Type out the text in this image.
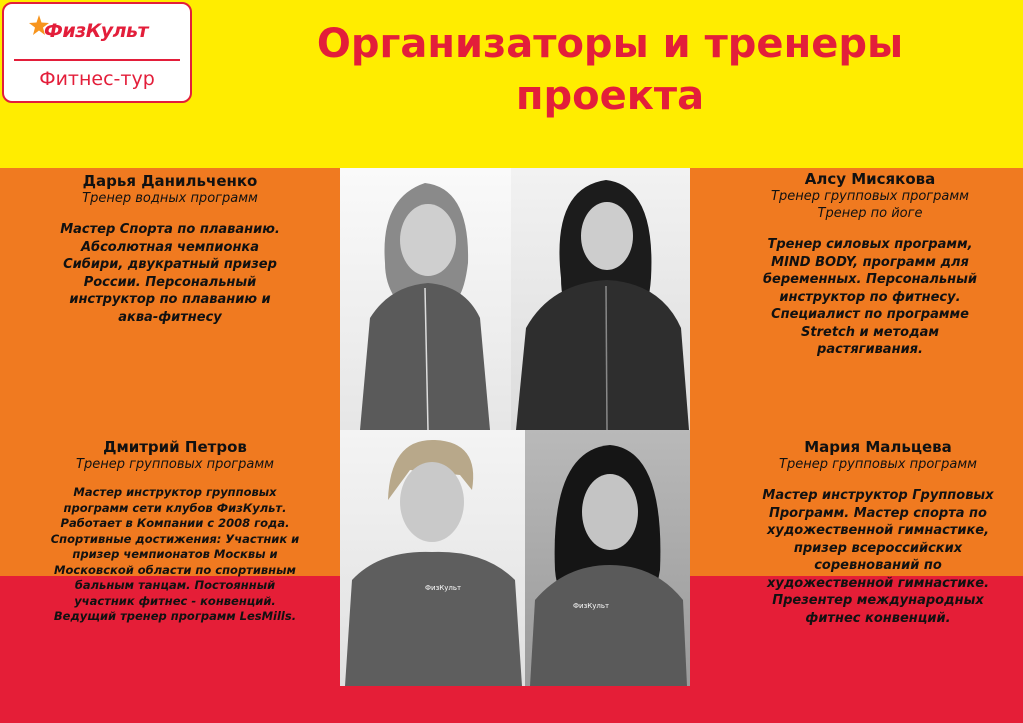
ФизКульт
Фитнес-тур
Организаторы и тренеры проекта
ФизКульт
ФизКульт
Дарья Данильченко
Тренер водных программ
Мастер Спорта по плаванию. Абсолютная чемпионка Сибири, двукратный призер России. Персональный инструктор по плаванию и аква-фитнесу
Алсу Мисякова
Тренер групповых программ
Тренер по йоге
Тренер силовых программ, MIND BODY, программ для беременных. Персональный инструктор по фитнесу. Специалист по программе Stretch и методам растягивания.
Дмитрий Петров
Тренер групповых программ
Мастер инструктор групповых программ сети клубов ФизКульт. Работает в Компании с 2008 года. Спортивные достижения: Участник и призер чемпионатов Москвы и Московской области по спортивным бальным танцам. Постоянный участник фитнес - конвенций. Ведущий тренер программ LesMills.
Мария Мальцева
Тренер групповых программ
Мастер инструктор Групповых Программ. Мастер спорта по художественной гимнастике, призер всероссийских соревнований по художественной гимнастике. Презентер международных фитнес конвенций.
